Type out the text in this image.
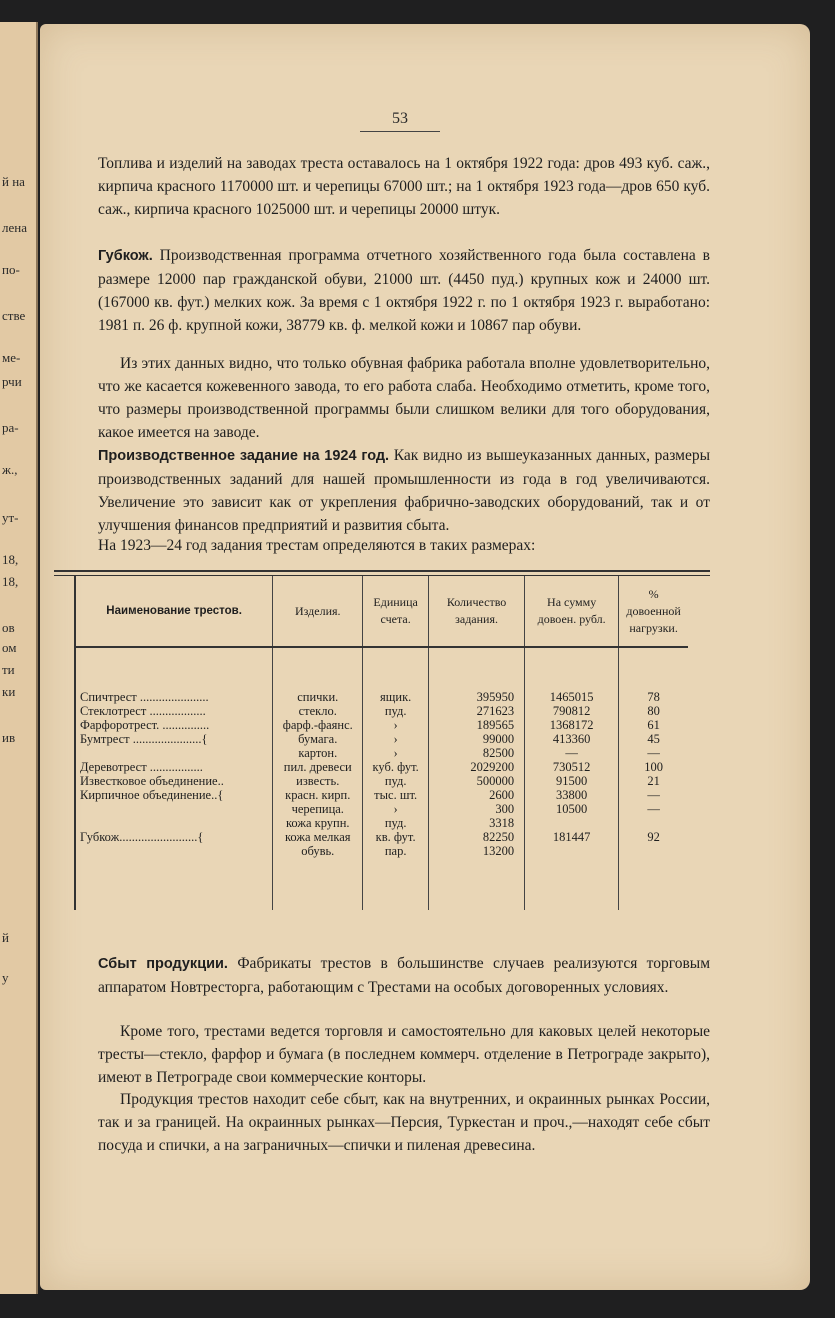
й на
лена
по-
стве
ме-
рчи
ра-
ж.,
ут-
18,
18,
ов
ом
ти
ки
ив
й
у
53

Топлива и изделий на заводах треста оставалось на 1 октября 1922 года: дров 493 куб. саж., кирпича красного 1170000 шт. и черепицы 67000 шт.; на 1 октября 1923 года—дров 650 куб. саж., кирпича красного 1025000 шт. и черепицы 20000 штук.

Губкож. Производственная программа отчетного хозяйственного года была составлена в размере 12000 пар гражданской обуви, 21000 шт. (4450 пуд.) крупных кож и 24000 шт. (167000 кв. фут.) мелких кож. За время с 1 октября 1922 г. по 1 октября 1923 г. выработано: 1981 п. 26 ф. крупной кожи, 38779 кв. ф. мелкой кожи и 10867 пар обуви.

Из этих данных видно, что только обувная фабрика работала вполне удовлетворительно, что же касается кожевенного завода, то его работа слаба. Необходимо отметить, кроме того, что размеры производственной программы были слишком велики для того оборудования, какое имеется на заводе.

Производственное задание на 1924 год. Как видно из вышеуказанных данных, размеры производственных заданий для нашей промышленности из года в год увеличиваются. Увеличение это зависит как от укрепления фабрично-заводских оборудований, так и от улучшения финансов предприятий и развития сбыта.

На 1923—24 год задания трестам определяются в таких размерах:

Наименование трестов.	Изделия.	Единица счета.	Количество задания.	На сумму довоен. рубл.	% довоенной нагрузки.

Спичтрест ......................	спички.	ящик.	395950	1465015	78
Стеклотрест ..................	стекло.	пуд.	271623	790812	80
Фарфоротрест. ...............	фарф.-фаянс.	›	189565	1368172	61
Бумтрест ......................{	бумага.	›	99000	413360	45
	картон.	›	82500	—	—
Деревотрест .................	пил. древеси	куб. фут.	2029200	730512	100
Известковое объединение..	известь.	пуд.	500000	91500	21
Кирпичное объединение..{	красн. кирп.	тыс. шт.	2600	33800	—
	черепица.	›	300	10500	—
	кожа крупн.	пуд.	3318		
Губкож.........................{	кожа мелкая	кв. фут.	82250	181447	92
	обувь.	пар.	13200		

Сбыт продукции. Фабрикаты трестов в большинстве случаев реализуются торговым аппаратом Новтресторга, работающим с Трестами на особых договоренных условиях.

Кроме того, трестами ведется торговля и самостоятельно для каковых целей некоторые тресты—стекло, фарфор и бумага (в последнем коммерч. отделение в Петрограде закрыто), имеют в Петрограде свои коммерческие конторы.

Продукция трестов находит себе сбыт, как на внутренних, и окраинных рынках России, так и за границей. На окраинных рынках—Персия, Туркестан и проч.,—находят себе сбыт посуда и спички, а на заграничных—спички и пиленая древесина.
